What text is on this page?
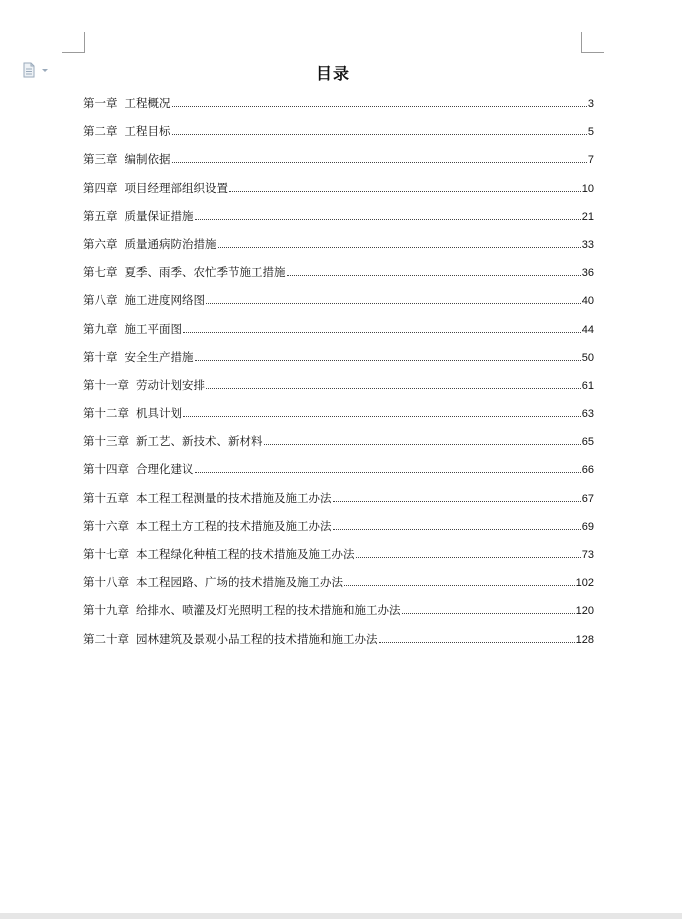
目录
第一章 工程概况	3
第二章 工程目标	5
第三章 编制依据	7
第四章 项目经理部组织设置	10
第五章 质量保证措施	21
第六章 质量通病防治措施	33
第七章 夏季、雨季、农忙季节施工措施	36
第八章 施工进度网络图	40
第九章 施工平面图	44
第十章 安全生产措施	50
第十一章 劳动计划安排	61
第十二章 机具计划	63
第十三章 新工艺、新技术、新材料	65
第十四章 合理化建议	66
第十五章 本工程工程测量的技术措施及施工办法	67
第十六章 本工程土方工程的技术措施及施工办法	69
第十七章 本工程绿化种植工程的技术措施及施工办法	73
第十八章 本工程园路、广场的技术措施及施工办法	102
第十九章 给排水、喷灌及灯光照明工程的技术措施和施工办法	120
第二十章 园林建筑及景观小品工程的技术措施和施工办法	128
